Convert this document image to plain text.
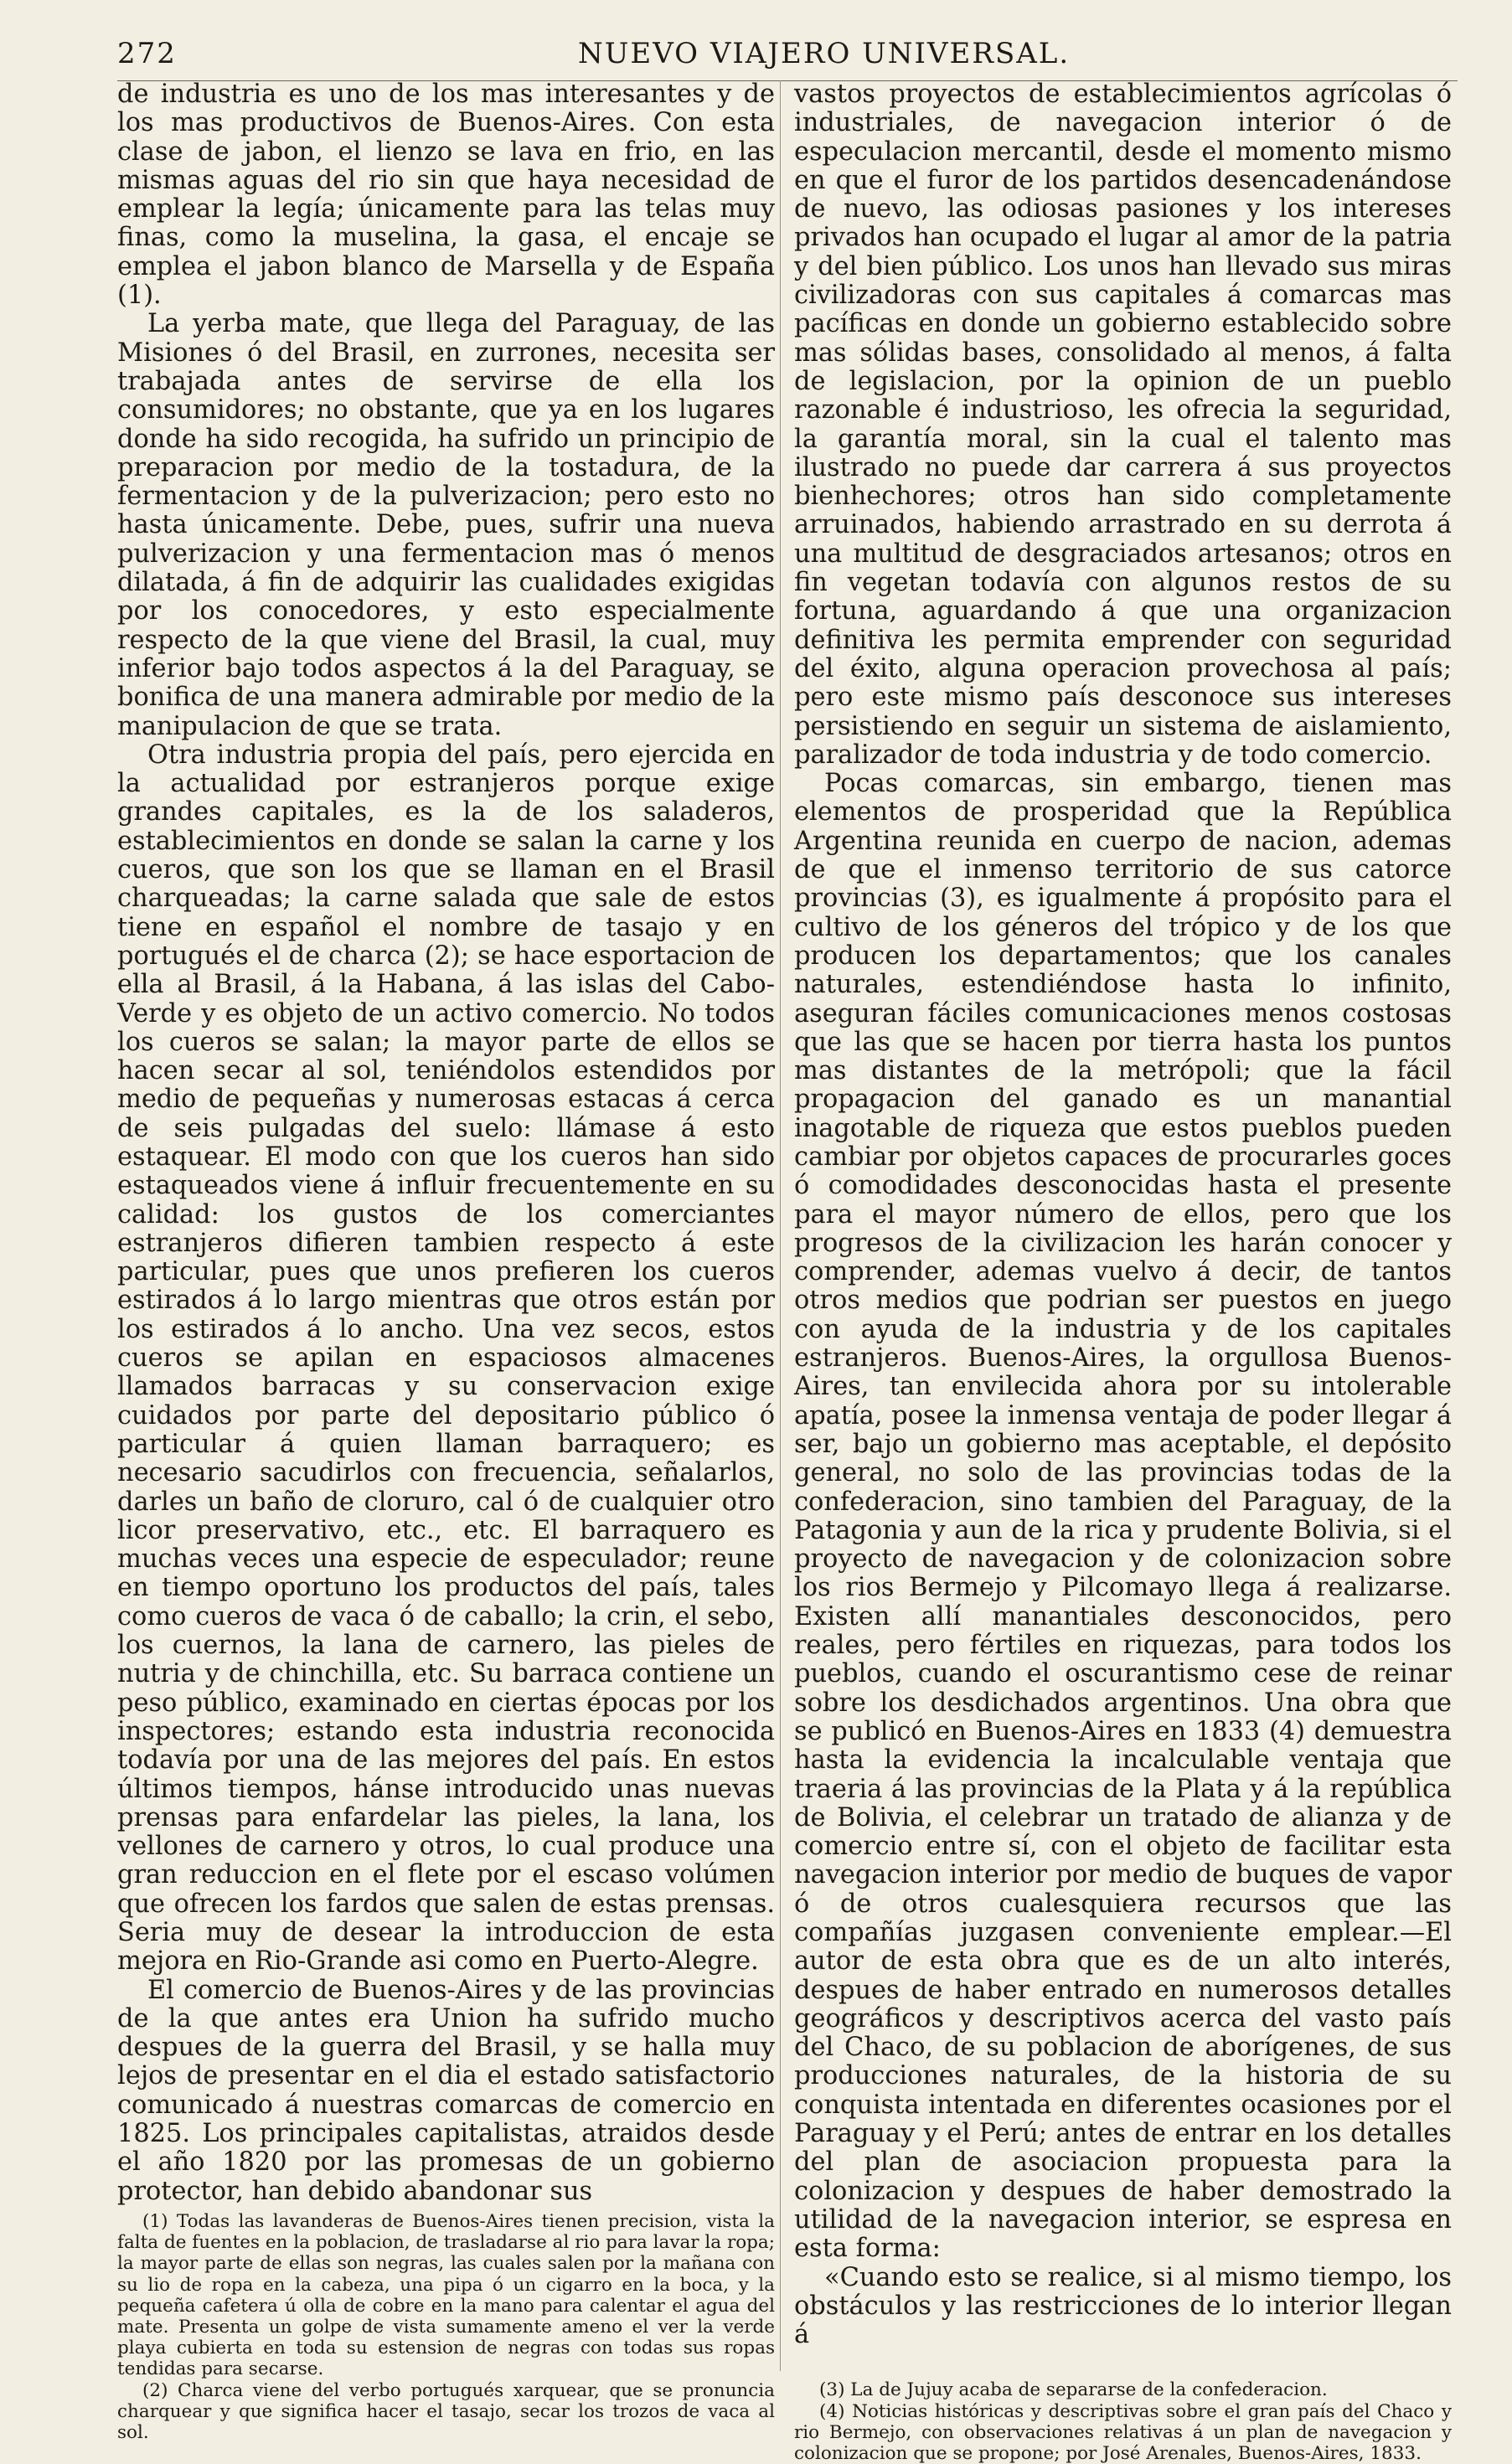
272	NUEVO VIAJERO UNIVERSAL.

de industria es uno de los mas interesantes y de los mas productivos de Buenos-Aires. Con esta clase de jabon, el lienzo se lava en frio, en las mismas aguas del rio sin que haya necesidad de emplear la legía; únicamente para las telas muy finas, como la muselina, la gasa, el encaje se emplea el jabon blanco de Marsella y de España (1).

La yerba mate, que llega del Paraguay, de las Misiones ó del Brasil, en zurrones, necesita ser trabajada antes de servirse de ella los consumidores; no obstante, que ya en los lugares donde ha sido recogida, ha sufrido un principio de preparacion por medio de la tostadura, de la fermentacion y de la pulverizacion; pero esto no hasta únicamente. Debe, pues, sufrir una nueva pulverizacion y una fermentacion mas ó menos dilatada, á fin de adquirir las cualidades exigidas por los conocedores, y esto especialmente respecto de la que viene del Brasil, la cual, muy inferior bajo todos aspectos á la del Paraguay, se bonifica de una manera admirable por medio de la manipulacion de que se trata.

Otra industria propia del país, pero ejercida en la actualidad por estranjeros porque exige grandes capitales, es la de los saladeros, establecimientos en donde se salan la carne y los cueros, que son los que se llaman en el Brasil charqueadas; la carne salada que sale de estos tiene en español el nombre de tasajo y en portugués el de charca (2); se hace esportacion de ella al Brasil, á la Habana, á las islas del Cabo-Verde y es objeto de un activo comercio. No todos los cueros se salan; la mayor parte de ellos se hacen secar al sol, teniéndolos estendidos por medio de pequeñas y numerosas estacas á cerca de seis pulgadas del suelo: llámase á esto estaquear. El modo con que los cueros han sido estaqueados viene á influir frecuentemente en su calidad: los gustos de los comerciantes estranjeros difieren tambien respecto á este particular, pues que unos prefieren los cueros estirados á lo largo mientras que otros están por los estirados á lo ancho. Una vez secos, estos cueros se apilan en espaciosos almacenes llamados barracas y su conservacion exige cuidados por parte del depositario público ó particular á quien llaman barraquero; es necesario sacudirlos con frecuencia, señalarlos, darles un baño de cloruro, cal ó de cualquier otro licor preservativo, etc., etc. El barraquero es muchas veces una especie de especulador; reune en tiempo oportuno los productos del país, tales como cueros de vaca ó de caballo; la crin, el sebo, los cuernos, la lana de carnero, las pieles de nutria y de chinchilla, etc. Su barraca contiene un peso público, examinado en ciertas épocas por los inspectores; estando esta industria reconocida todavía por una de las mejores del país. En estos últimos tiempos, hánse introducido unas nuevas prensas para enfardelar las pieles, la lana, los vellones de carnero y otros, lo cual produce una gran reduccion en el flete por el escaso volúmen que ofrecen los fardos que salen de estas prensas. Seria muy de desear la introduccion de esta mejora en Rio-Grande asi como en Puerto-Alegre.

El comercio de Buenos-Aires y de las provincias de la que antes era Union ha sufrido mucho despues de la guerra del Brasil, y se halla muy lejos de presentar en el dia el estado satisfactorio comunicado á nuestras comarcas de comercio en 1825. Los principales capitalistas, atraidos desde el año 1820 por las promesas de un gobierno protector, han debido abandonar sus

(1) Todas las lavanderas de Buenos-Aires tienen precision, vista la falta de fuentes en la poblacion, de trasladarse al rio para lavar la ropa; la mayor parte de ellas son negras, las cuales salen por la mañana con su lio de ropa en la cabeza, una pipa ó un cigarro en la boca, y la pequeña cafetera ú olla de cobre en la mano para calentar el agua del mate. Presenta un golpe de vista sumamente ameno el ver la verde playa cubierta en toda su estension de negras con todas sus ropas tendidas para secarse.

(2) Charca viene del verbo portugués xarquear, que se pronuncia charquear y que significa hacer el tasajo, secar los trozos de vaca al sol.

vastos proyectos de establecimientos agrícolas ó industriales, de navegacion interior ó de especulacion mercantil, desde el momento mismo en que el furor de los partidos desencadenándose de nuevo, las odiosas pasiones y los intereses privados han ocupado el lugar al amor de la patria y del bien público. Los unos han llevado sus miras civilizadoras con sus capitales á comarcas mas pacíficas en donde un gobierno establecido sobre mas sólidas bases, consolidado al menos, á falta de legislacion, por la opinion de un pueblo razonable é industrioso, les ofrecia la seguridad, la garantía moral, sin la cual el talento mas ilustrado no puede dar carrera á sus proyectos bienhechores; otros han sido completamente arruinados, habiendo arrastrado en su derrota á una multitud de desgraciados artesanos; otros en fin vegetan todavía con algunos restos de su fortuna, aguardando á que una organizacion definitiva les permita emprender con seguridad del éxito, alguna operacion provechosa al país; pero este mismo país desconoce sus intereses persistiendo en seguir un sistema de aislamiento, paralizador de toda industria y de todo comercio.

Pocas comarcas, sin embargo, tienen mas elementos de prosperidad que la República Argentina reunida en cuerpo de nacion, ademas de que el inmenso territorio de sus catorce provincias (3), es igualmente á propósito para el cultivo de los géneros del trópico y de los que producen los departamentos; que los canales naturales, estendiéndose hasta lo infinito, aseguran fáciles comunicaciones menos costosas que las que se hacen por tierra hasta los puntos mas distantes de la metrópoli; que la fácil propagacion del ganado es un manantial inagotable de riqueza que estos pueblos pueden cambiar por objetos capaces de procurarles goces ó comodidades desconocidas hasta el presente para el mayor número de ellos, pero que los progresos de la civilizacion les harán conocer y comprender, ademas vuelvo á decir, de tantos otros medios que podrian ser puestos en juego con ayuda de la industria y de los capitales estranjeros. Buenos-Aires, la orgullosa Buenos-Aires, tan envilecida ahora por su intolerable apatía, posee la inmensa ventaja de poder llegar á ser, bajo un gobierno mas aceptable, el depósito general, no solo de las provincias todas de la confederacion, sino tambien del Paraguay, de la Patagonia y aun de la rica y prudente Bolivia, si el proyecto de navegacion y de colonizacion sobre los rios Bermejo y Pilcomayo llega á realizarse. Existen allí manantiales desconocidos, pero reales, pero fértiles en riquezas, para todos los pueblos, cuando el oscurantismo cese de reinar sobre los desdichados argentinos. Una obra que se publicó en Buenos-Aires en 1833 (4) demuestra hasta la evidencia la incalculable ventaja que traeria á las provincias de la Plata y á la república de Bolivia, el celebrar un tratado de alianza y de comercio entre sí, con el objeto de facilitar esta navegacion interior por medio de buques de vapor ó de otros cualesquiera recursos que las compañías juzgasen conveniente emplear.—El autor de esta obra que es de un alto interés, despues de haber entrado en numerosos detalles geográficos y descriptivos acerca del vasto país del Chaco, de su poblacion de aborígenes, de sus producciones naturales, de la historia de su conquista intentada en diferentes ocasiones por el Paraguay y el Perú; antes de entrar en los detalles del plan de asociacion propuesta para la colonizacion y despues de haber demostrado la utilidad de la navegacion interior, se espresa en esta forma:

«Cuando esto se realice, si al mismo tiempo, los obstáculos y las restricciones de lo interior llegan á

(3) La de Jujuy acaba de separarse de la confederacion.

(4) Noticias históricas y descriptivas sobre el gran país del Chaco y rio Bermejo, con observaciones relativas á un plan de navegacion y colonizacion que se propone; por José Arenales, Buenos-Aires, 1833.
